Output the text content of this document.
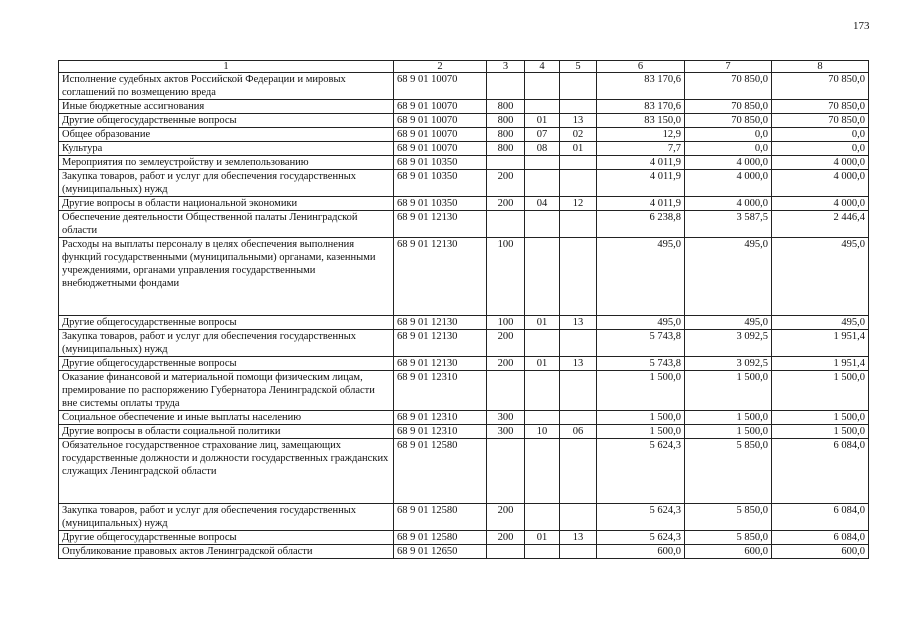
173
1	2	3	4	5	6	7	8
Исполнение судебных актов Российской Федерации и мировых соглашений по возмещению вреда	68 9 01 10070				83 170,6	70 850,0	70 850,0
Иные бюджетные ассигнования	68 9 01 10070	800			83 170,6	70 850,0	70 850,0
Другие общегосударственные вопросы	68 9 01 10070	800	01	13	83 150,0	70 850,0	70 850,0
Общее образование	68 9 01 10070	800	07	02	12,9	0,0	0,0
Культура	68 9 01 10070	800	08	01	7,7	0,0	0,0
Мероприятия по землеустройству и землепользованию	68 9 01 10350				4 011,9	4 000,0	4 000,0
Закупка товаров, работ и услуг для обеспечения государственных (муниципальных) нужд	68 9 01 10350	200			4 011,9	4 000,0	4 000,0
Другие вопросы в области национальной экономики	68 9 01 10350	200	04	12	4 011,9	4 000,0	4 000,0
Обеспечение деятельности Общественной палаты Ленинградской области	68 9 01 12130				6 238,8	3 587,5	2 446,4
Расходы на выплаты персоналу в целях обеспечения выполнения функций государственными (муниципальными) органами, казенными учреждениями, органами управления государственными внебюджетными фондами	68 9 01 12130	100			495,0	495,0	495,0
Другие общегосударственные вопросы	68 9 01 12130	100	01	13	495,0	495,0	495,0
Закупка товаров, работ и услуг для обеспечения государственных (муниципальных) нужд	68 9 01 12130	200			5 743,8	3 092,5	1 951,4
Другие общегосударственные вопросы	68 9 01 12130	200	01	13	5 743,8	3 092,5	1 951,4
Оказание финансовой и материальной помощи физическим лицам, премирование по распоряжению Губернатора Ленинградской области вне системы оплаты труда	68 9 01 12310				1 500,0	1 500,0	1 500,0
Социальное обеспечение и иные выплаты населению	68 9 01 12310	300			1 500,0	1 500,0	1 500,0
Другие вопросы в области социальной политики	68 9 01 12310	300	10	06	1 500,0	1 500,0	1 500,0
Обязательное государственное страхование лиц, замещающих государственные должности и должности государственных гражданских служащих Ленинградской области	68 9 01 12580				5 624,3	5 850,0	6 084,0
Закупка товаров, работ и услуг для обеспечения государственных (муниципальных) нужд	68 9 01 12580	200			5 624,3	5 850,0	6 084,0
Другие общегосударственные вопросы	68 9 01 12580	200	01	13	5 624,3	5 850,0	6 084,0
Опубликование правовых актов Ленинградской области	68 9 01 12650				600,0	600,0	600,0
